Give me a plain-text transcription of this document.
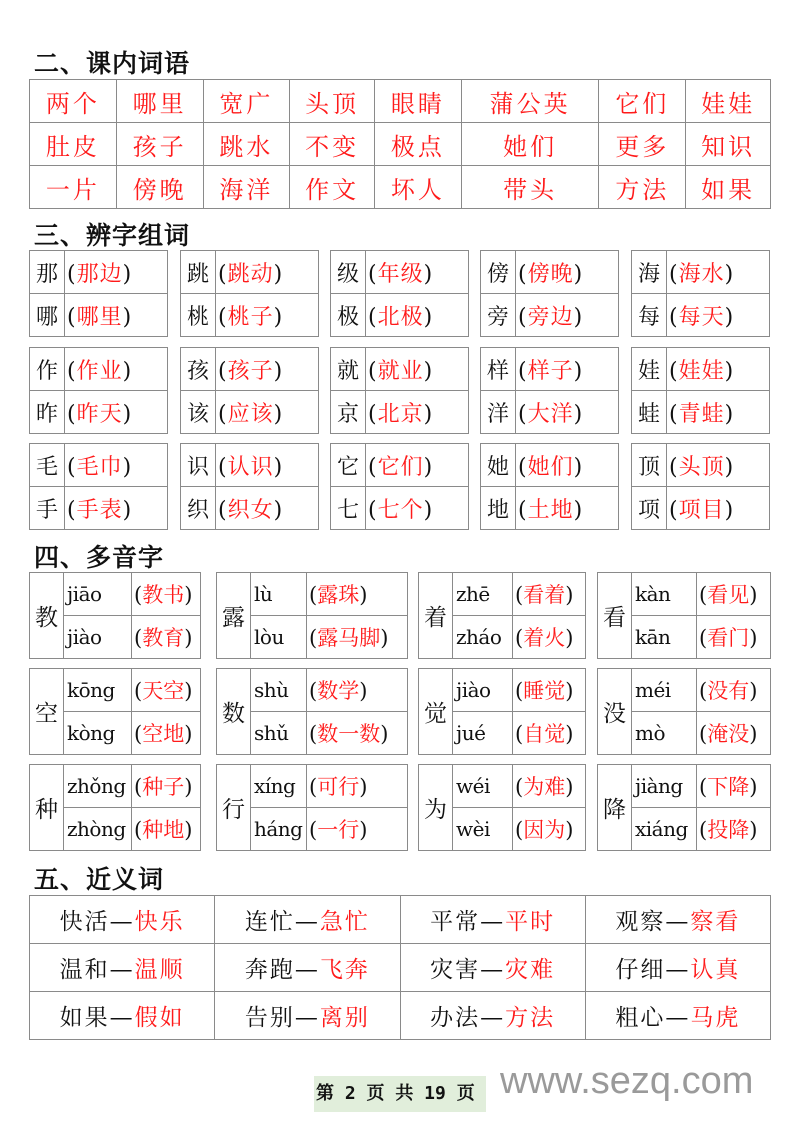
二、课内词语
两个	哪里	宽广	头顶	眼睛	蒲公英	它们	娃娃
肚皮	孩子	跳水	不变	极点	她们	更多	知识
一片	傍晚	海洋	作文	坏人	带头	方法	如果
三、辨字组词
那	(那边)
哪	(哪里)
跳	(跳动)
桃	(桃子)
级	(年级)
极	(北极)
傍	(傍晚)
旁	(旁边)
海	(海水)
每	(每天)
作	(作业)
昨	(昨天)
孩	(孩子)
该	(应该)
就	(就业)
京	(北京)
样	(样子)
洋	(大洋)
娃	(娃娃)
蛙	(青蛙)
毛	(毛巾)
手	(手表)
识	(认识)
织	(织女)
它	(它们)
七	(七个)
她	(她们)
地	(土地)
顶	(头顶)
项	(项目)
四、多音字
教	jiāo	(教书)
	jiào	(教育)
露	lù	(露珠)
	lòu	(露马脚)
着	zhē	(看着)
	zháo	(着火)
看	kàn	(看见)
	kān	(看门)
空	kōng	(天空)
	kòng	(空地)
数	shù	(数学)
	shǔ	(数一数)
觉	jiào	(睡觉)
	jué	(自觉)
没	méi	(没有)
	mò	(淹没)
种	zhǒng	(种子)
	zhòng	(种地)
行	xíng	(可行)
	háng	(一行)
为	wéi	(为难)
	wèi	(因为)
降	jiàng	(下降)
	xiáng	(投降)
五、近义词
快活—快乐	连忙—急忙	平常—平时	观察—察看
温和—温顺	奔跑—飞奔	灾害—灾难	仔细—认真
如果—假如	告别—离别	办法—方法	粗心—马虎
第 2 页 共 19 页 www.sezq.com
